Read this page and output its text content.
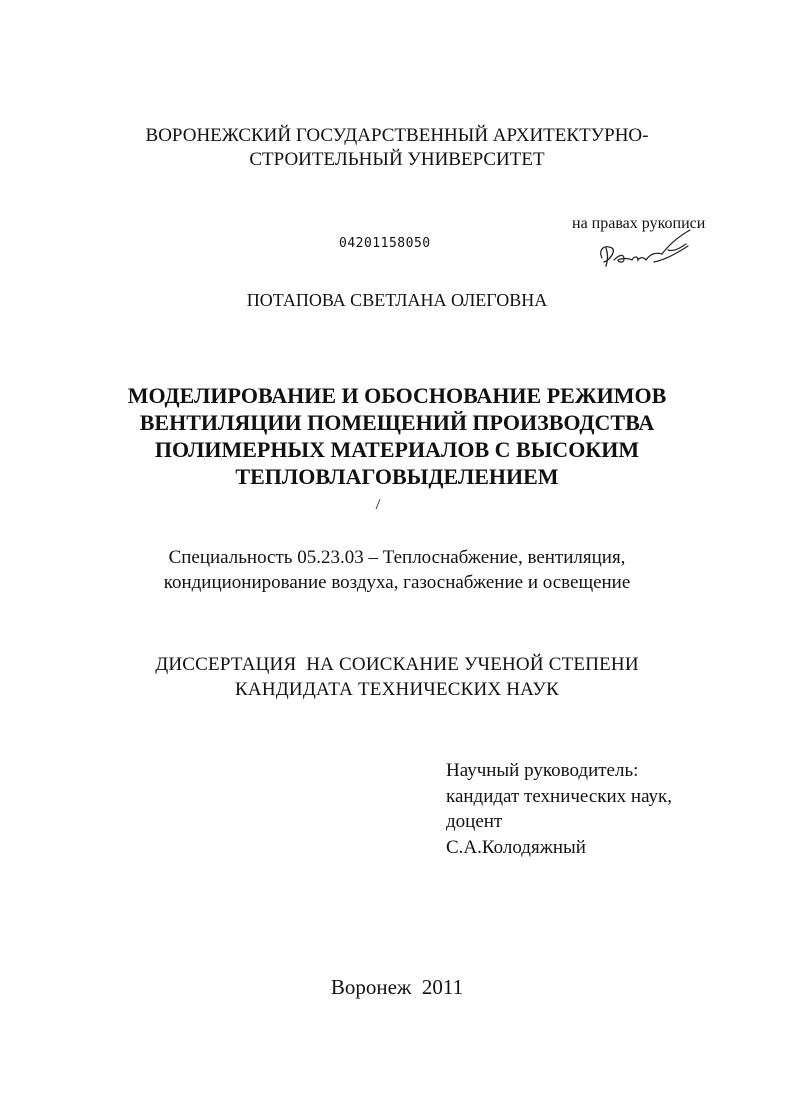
ВОРОНЕЖСКИЙ ГОСУДАРСТВЕННЫЙ АРХИТЕКТУРНО-
СТРОИТЕЛЬНЫЙ УНИВЕРСИТЕТ
на правах рукописи
04201158050
ПОТАПОВА СВЕТЛАНА ОЛЕГОВНА
МОДЕЛИРОВАНИЕ И ОБОСНОВАНИЕ РЕЖИМОВ
ВЕНТИЛЯЦИИ ПОМЕЩЕНИЙ ПРОИЗВОДСТВА
ПОЛИМЕРНЫХ МАТЕРИАЛОВ С ВЫСОКИМ
ТЕПЛОВЛАГОВЫДЕЛЕНИЕМ
Специальность 05.23.03 – Теплоснабжение, вентиляция,
кондиционирование воздуха, газоснабжение и освещение
ДИССЕРТАЦИЯ  НА СОИСКАНИЕ УЧЕНОЙ СТЕПЕНИ
КАНДИДАТА ТЕХНИЧЕСКИХ НАУК
Научный руководитель:
кандидат технических наук,
доцент
С.А.Колодяжный
Воронеж  2011
